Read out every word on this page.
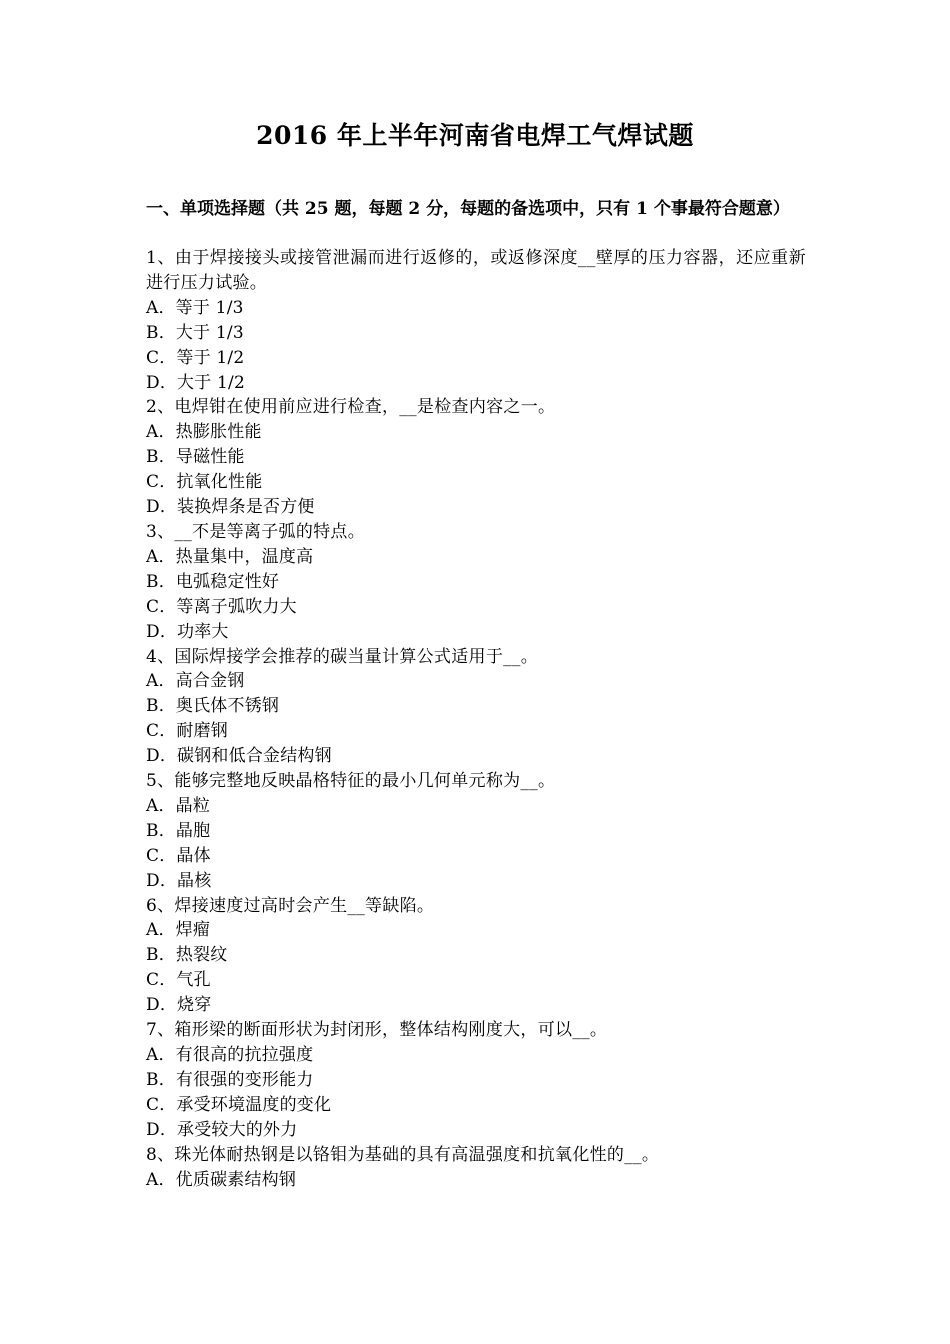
2016 年上半年河南省电焊工气焊试题
一、单项选择题（共 25 题，每题 2 分，每题的备选项中，只有 1 个事最符合题意）

1、由于焊接接头或接管泄漏而进行返修的，或返修深度__壁厚的压力容器，还应重新进行压力试验。

A．等于 1/3

B．大于 1/3

C．等于 1/2

D．大于 1/2

2、电焊钳在使用前应进行检查，__是检查内容之一。

A．热膨胀性能

B．导磁性能

C．抗氧化性能

D．装换焊条是否方便

3、__不是等离子弧的特点。

A．热量集中，温度高

B．电弧稳定性好

C．等离子弧吹力大

D．功率大

4、国际焊接学会推荐的碳当量计算公式适用于__。

A．高合金钢

B．奥氏体不锈钢

C．耐磨钢

D．碳钢和低合金结构钢

5、能够完整地反映晶格特征的最小几何单元称为__。

A．晶粒

B．晶胞

C．晶体

D．晶核

6、焊接速度过高时会产生__等缺陷。

A．焊瘤

B．热裂纹

C．气孔

D．烧穿

7、箱形梁的断面形状为封闭形，整体结构刚度大，可以__。

A．有很高的抗拉强度

B．有很强的变形能力

C．承受环境温度的变化

D．承受较大的外力

8、珠光体耐热钢是以铬钼为基础的具有高温强度和抗氧化性的__。

A．优质碳素结构钢
